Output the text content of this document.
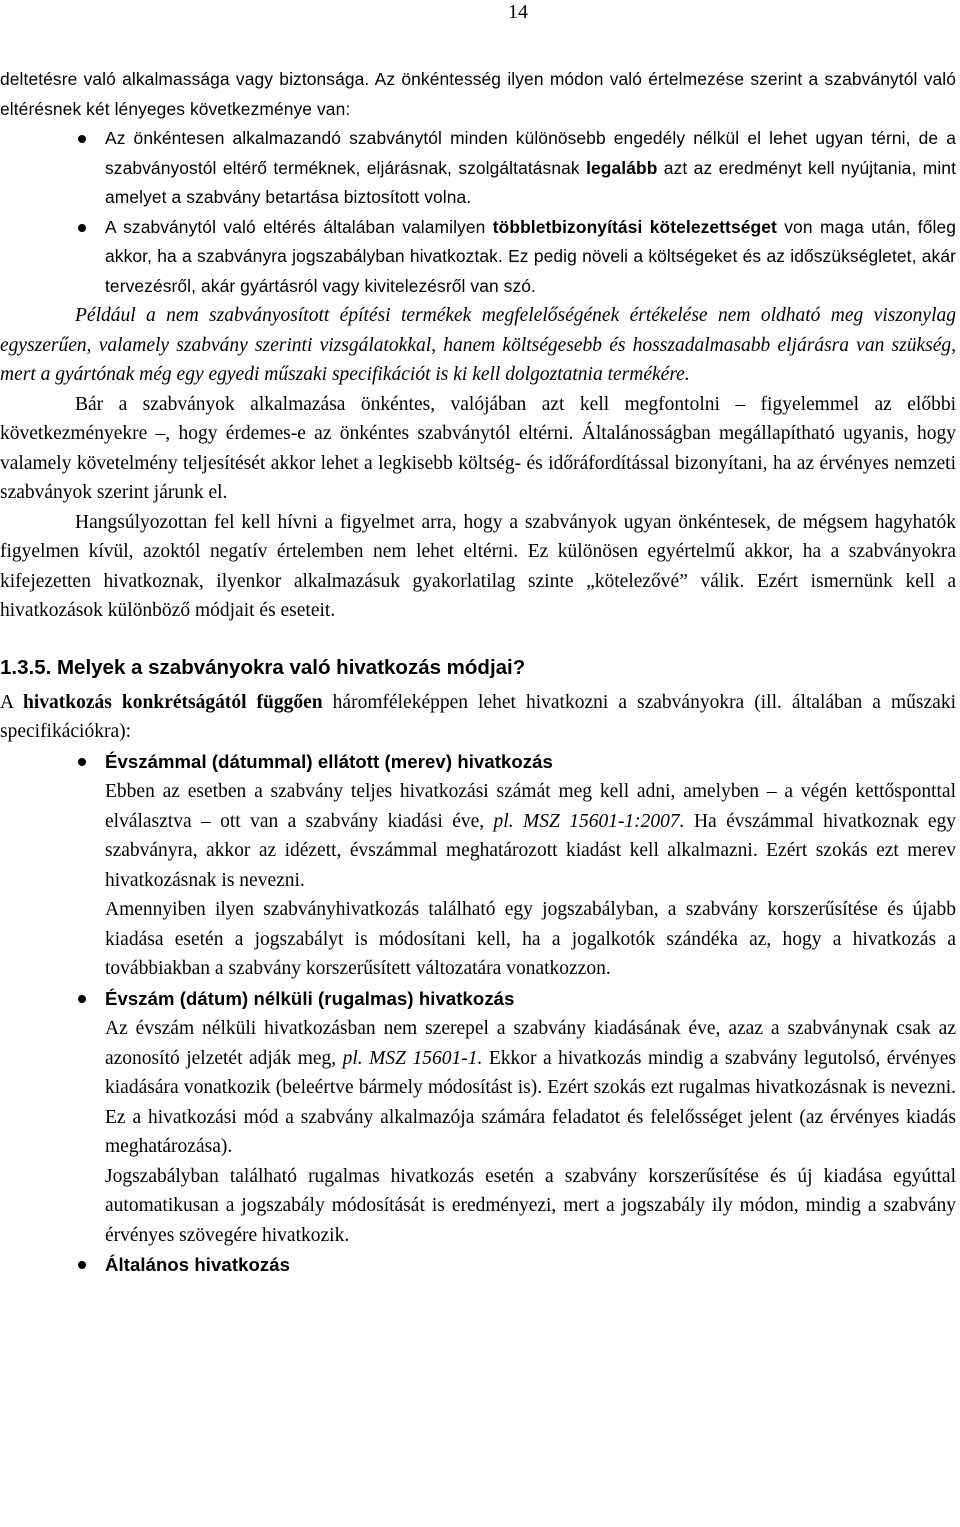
14

deltetésre való alkalmassága vagy biztonsága. Az önkéntesség ilyen módon való értelmezése szerint a szabványtól való eltérésnek két lényeges következménye van:

Az önkéntesen alkalmazandó szabványtól minden különösebb engedély nélkül el lehet ugyan térni, de a szabványostól eltérő terméknek, eljárásnak, szolgáltatásnak legalább azt az eredményt kell nyújtania, mint amelyet a szabvány betartása biztosított volna.
A szabványtól való eltérés általában valamilyen többletbizonyítási kötelezettséget von maga után, főleg akkor, ha a szabványra jogszabályban hivatkoztak. Ez pedig növeli a költségeket és az időszükségletet, akár tervezésről, akár gyártásról vagy kivitelezésről van szó.

Például a nem szabványosított építési termékek megfelelőségének értékelése nem oldható meg viszonylag egyszerűen, valamely szabvány szerinti vizsgálatokkal, hanem költségesebb és hosszadalmasabb eljárásra van szükség, mert a gyártónak még egy egyedi műszaki specifikációt is ki kell dolgoztatnia termékére.

Bár a szabványok alkalmazása önkéntes, valójában azt kell megfontolni – figyelemmel az előbbi következményekre –, hogy érdemes-e az önkéntes szabványtól eltérni. Általánosságban megállapítható ugyanis, hogy valamely követelmény teljesítését akkor lehet a legkisebb költség- és időráfordítással bizonyítani, ha az érvényes nemzeti szabványok szerint járunk el.

Hangsúlyozottan fel kell hívni a figyelmet arra, hogy a szabványok ugyan önkéntesek, de mégsem hagyhatók figyelmen kívül, azoktól negatív értelemben nem lehet eltérni. Ez különösen egyértelmű akkor, ha a szabványokra kifejezetten hivatkoznak, ilyenkor alkalmazásuk gyakorlatilag szinte „kötelezővé” válik. Ezért ismernünk kell a hivatkozások különböző módjait és eseteit.

1.3.5. Melyek a szabványokra való hivatkozás módjai?

A hivatkozás konkrétságától függően háromféleképpen lehet hivatkozni a szabványokra (ill. általában a műszaki specifikációkra):

Évszámmal (dátummal) ellátott (merev) hivatkozás

Ebben az esetben a szabvány teljes hivatkozási számát meg kell adni, amelyben – a végén kettősponttal elválasztva – ott van a szabvány kiadási éve, pl. MSZ 15601-1:2007. Ha évszámmal hivatkoznak egy szabványra, akkor az idézett, évszámmal meghatározott kiadást kell alkalmazni. Ezért szokás ezt merev hivatkozásnak is nevezni.

Amennyiben ilyen szabványhivatkozás található egy jogszabályban, a szabvány korszerűsítése és újabb kiadása esetén a jogszabályt is módosítani kell, ha a jogalkotók szándéka az, hogy a hivatkozás a továbbiakban a szabvány korszerűsített változatára vonatkozzon.

Évszám (dátum) nélküli (rugalmas) hivatkozás

Az évszám nélküli hivatkozásban nem szerepel a szabvány kiadásának éve, azaz a szabványnak csak az azonosító jelzetét adják meg, pl. MSZ 15601-1. Ekkor a hivatkozás mindig a szabvány legutolsó, érvényes kiadására vonatkozik (beleértve bármely módosítást is). Ezért szokás ezt rugalmas hivatkozásnak is nevezni. Ez a hivatkozási mód a szabvány alkalmazója számára feladatot és felelősséget jelent (az érvényes kiadás meghatározása).

Jogszabályban található rugalmas hivatkozás esetén a szabvány korszerűsítése és új kiadása egyúttal automatikusan a jogszabály módosítását is eredményezi, mert a jogszabály ily módon, mindig a szabvány érvényes szövegére hivatkozik.

Általános hivatkozás
